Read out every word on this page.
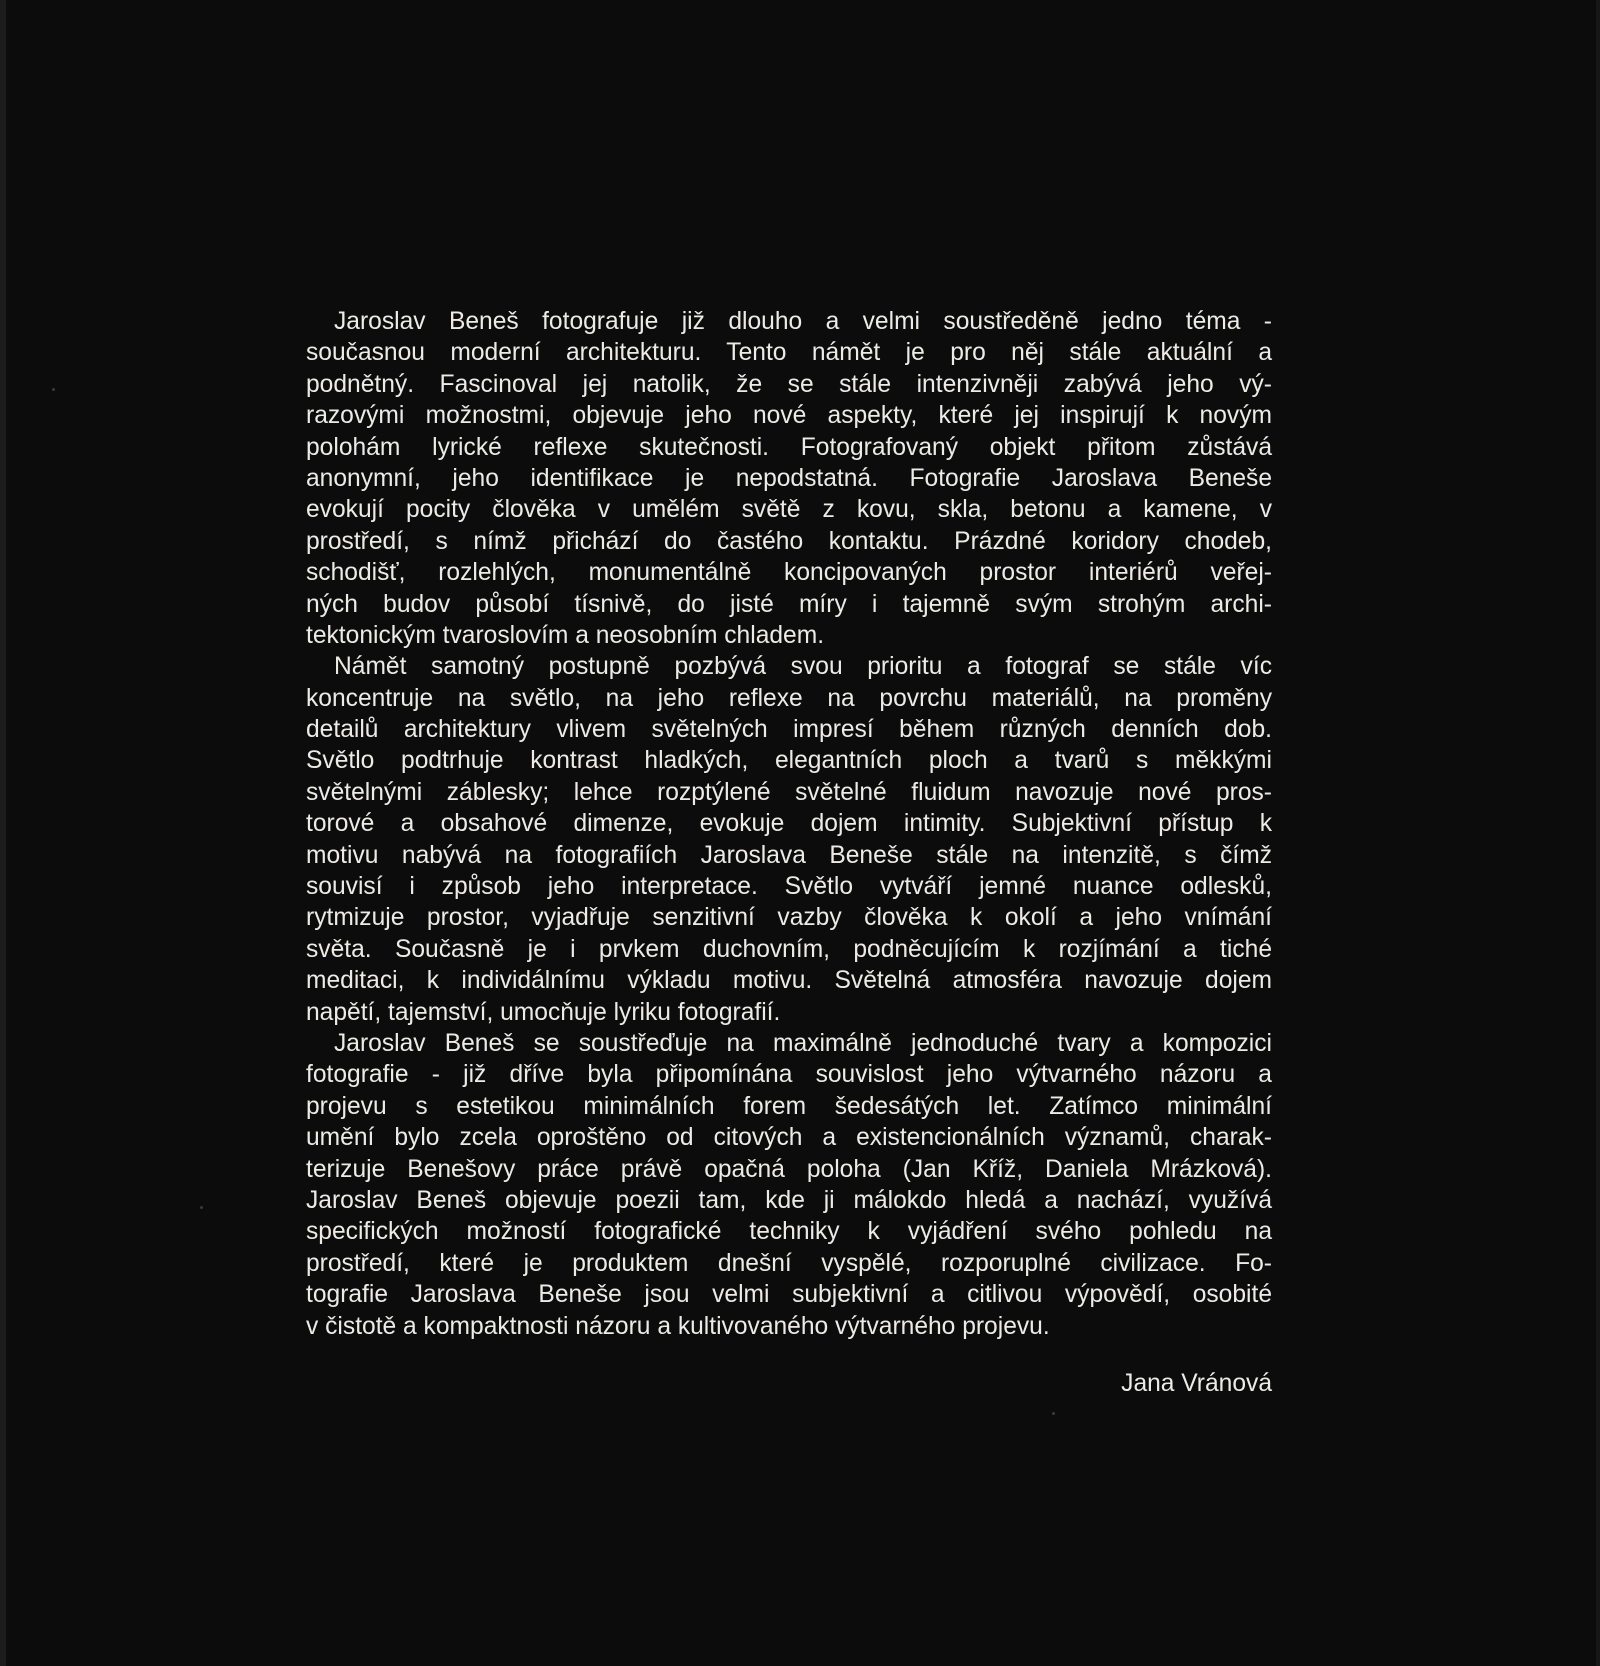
Jaroslav Beneš fotografuje již dlouho a velmi soustředěně jedno téma -
současnou moderní architekturu. Tento námět je pro něj stále aktuální a
podnětný. Fascinoval jej natolik, že se stále intenzivněji zabývá jeho vý-
razovými možnostmi, objevuje jeho nové aspekty, které jej inspirují k novým
polohám lyrické reflexe skutečnosti. Fotografovaný objekt přitom zůstává
anonymní, jeho identifikace je nepodstatná. Fotografie Jaroslava Beneše
evokují pocity člověka v umělém světě z kovu, skla, betonu a kamene, v
prostředí, s nímž přichází do častého kontaktu. Prázdné koridory chodeb,
schodišť, rozlehlých, monumentálně koncipovaných prostor interiérů veřej-
ných budov působí tísnivě, do jisté míry i tajemně svým strohým archi-
tektonickým tvaroslovím a neosobním chladem.
Námět samotný postupně pozbývá svou prioritu a fotograf se stále víc
koncentruje na světlo, na jeho reflexe na povrchu materiálů, na proměny
detailů architektury vlivem světelných impresí během různých denních dob.
Světlo podtrhuje kontrast hladkých, elegantních ploch a tvarů s měkkými
světelnými záblesky; lehce rozptýlené světelné fluidum navozuje nové pros-
torové a obsahové dimenze, evokuje dojem intimity. Subjektivní přístup k
motivu nabývá na fotografiích Jaroslava Beneše stále na intenzitě, s čímž
souvisí i způsob jeho interpretace. Světlo vytváří jemné nuance odlesků,
rytmizuje prostor, vyjadřuje senzitivní vazby člověka k okolí a jeho vnímání
světa. Současně je i prvkem duchovním, podněcujícím k rozjímání a tiché
meditaci, k individálnímu výkladu motivu. Světelná atmosféra navozuje dojem
napětí, tajemství, umocňuje lyriku fotografií.
Jaroslav Beneš se soustřeďuje na maximálně jednoduché tvary a kompozici
fotografie - již dříve byla připomínána souvislost jeho výtvarného názoru a
projevu s estetikou minimálních forem šedesátých let. Zatímco minimální
umění bylo zcela oproštěno od citových a existencionálních významů, charak-
terizuje Benešovy práce právě opačná poloha (Jan Kříž, Daniela Mrázková).
Jaroslav Beneš objevuje poezii tam, kde ji málokdo hledá a nachází, využívá
specifických možností fotografické techniky k vyjádření svého pohledu na
prostředí, které je produktem dnešní vyspělé, rozporuplné civilizace. Fo-
tografie Jaroslava Beneše jsou velmi subjektivní a citlivou výpovědí, osobité
v čistotě a kompaktnosti názoru a kultivovaného výtvarného projevu.
Jana Vránová
